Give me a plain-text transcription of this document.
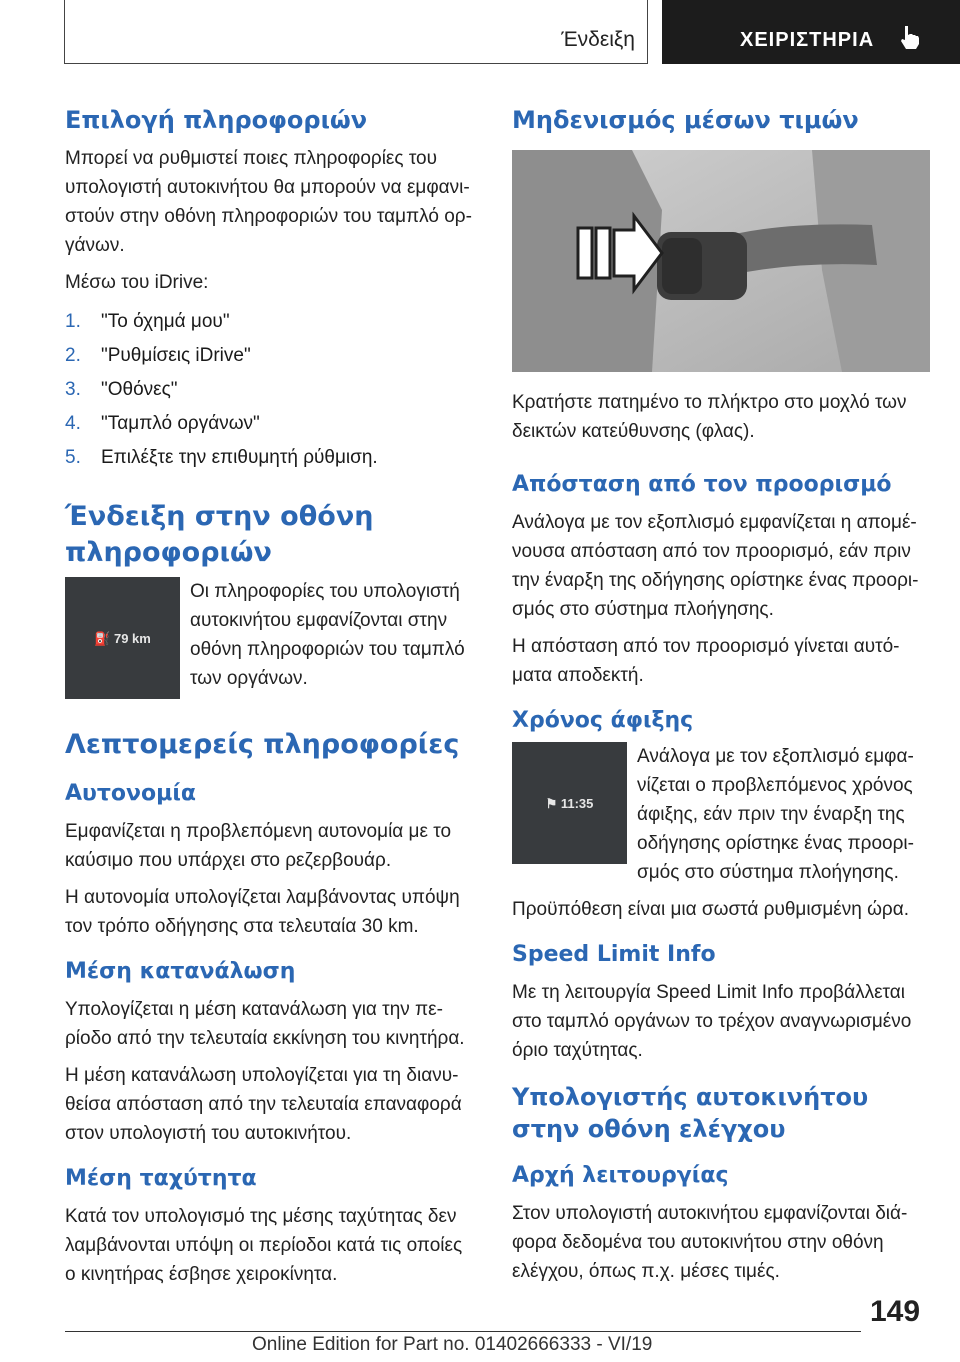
Ένδειξη	ΧΕΙΡΙΣΤΗΡΙΑ
Επιλογή πληροφοριών

Μπορεί να ρυθμιστεί ποιες πληροφορίες του υπολογιστή αυτοκινήτου θα μπορούν να εμφανιστούν στην οθόνη πληροφοριών του ταμπλό οργάνων.

Μέσω του iDrive:

1. "Το όχημά μου"
2. "Ρυθμίσεις iDrive"
3. "Οθόνες"
4. "Ταμπλό οργάνων"
5. Επιλέξτε την επιθυμητή ρύθμιση.
Ένδειξη στην οθόνη πληροφοριών
⛽ 79 km

Οι πληροφορίες του υπολογιστή αυτοκινήτου εμφανίζονται στην οθόνη πληροφοριών του ταμπλό των οργάνων.

Λεπτομερείς πληροφορίες
Αυτονομία

Εμφανίζεται η προβλεπόμενη αυτονομία με το καύσιμο που υπάρχει στο ρεζερβουάρ.

Η αυτονομία υπολογίζεται λαμβάνοντας υπόψη τον τρόπο οδήγησης στα τελευταία 30 km.

Μέση κατανάλωση

Υπολογίζεται η μέση κατανάλωση για την περίοδο από την τελευταία εκκίνηση του κινητήρα.

Η μέση κατανάλωση υπολογίζεται για τη διανυθείσα απόσταση από την τελευταία επαναφορά στον υπολογιστή του αυτοκινήτου.

Μέση ταχύτητα

Κατά τον υπολογισμό της μέσης ταχύτητας δεν λαμβάνονται υπόψη οι περίοδοι κατά τις οποίες ο κινητήρας έσβησε χειροκίνητα.

Μηδενισμός μέσων τιμών

Κρατήστε πατημένο το πλήκτρο στο μοχλό των δεικτών κατεύθυνσης (φλας).

Απόσταση από τον προορισμό

Ανάλογα με τον εξοπλισμό εμφανίζεται η απομένουσα απόσταση από τον προορισμό, εάν πριν την έναρξη της οδήγησης ορίστηκε ένας προορισμός στο σύστημα πλοήγησης.

Η απόσταση από τον προορισμό γίνεται αυτόματα αποδεκτή.

Χρόνος άφιξης
⚑ 11:35

Ανάλογα με τον εξοπλισμό εμφανίζεται ο προβλεπόμενος χρόνος άφιξης, εάν πριν την έναρξη της οδήγησης ορίστηκε ένας προορισμός στο σύστημα πλοήγησης.

Προϋπόθεση είναι μια σωστά ρυθμισμένη ώρα.

Speed Limit Info

Με τη λειτουργία Speed Limit Info προβάλλεται στο ταμπλό οργάνων το τρέχον αναγνωρισμένο όριο ταχύτητας.

Υπολογιστής αυτοκινήτου στην οθόνη ελέγχου
Αρχή λειτουργίας

Στον υπολογιστή αυτοκινήτου εμφανίζονται διάφορα δεδομένα του αυτοκινήτου στην οθόνη ελέγχου, όπως π.χ. μέσες τιμές.

149
Online Edition for Part no. 01402666333 - VI/19
